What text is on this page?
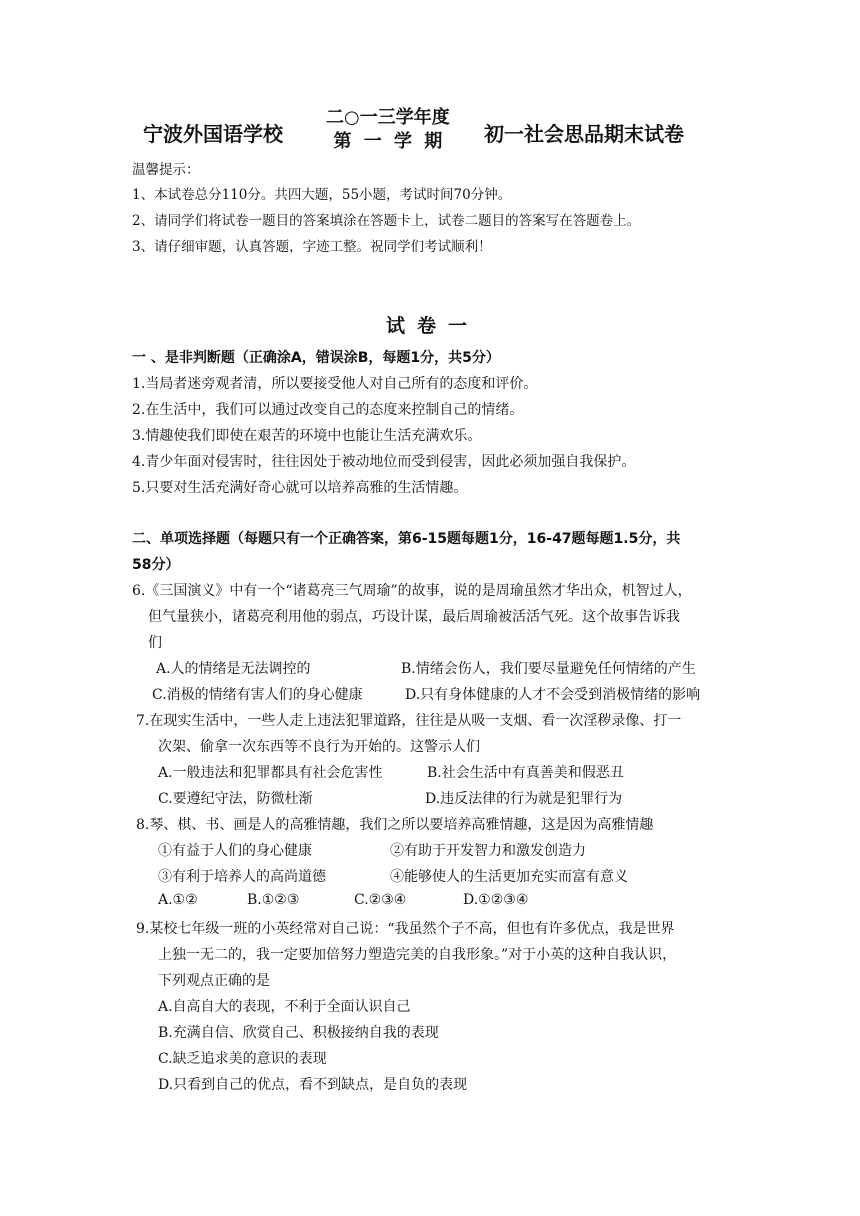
宁波外国语学校
二○一三学年度
第 一 学 期	初一社会思品期末试卷
温馨提示：
1、本试卷总分110分。共四大题，55小题，考试时间70分钟。
2、请同学们将试卷一题目的答案填涂在答题卡上，试卷二题目的答案写在答题卷上。
3、请仔细审题，认真答题，字迹工整。祝同学们考试顺利！
试卷一
一 、是非判断题（正确涂A，错误涂B，每题1分，共5分）
1.当局者迷旁观者清，所以要接受他人对自己所有的态度和评价。
2.在生活中，我们可以通过改变自己的态度来控制自己的情绪。
3.情趣使我们即使在艰苦的环境中也能让生活充满欢乐。
4.青少年面对侵害时，往往因处于被动地位而受到侵害，因此必须加强自我保护。
5.只要对生活充满好奇心就可以培养高雅的生活情趣。
二、单项选择题（每题只有一个正确答案，第6-15题每题1分，16-47题每题1.5分，共
58分）
6.《三国演义》中有一个“诸葛亮三气周瑜”的故事，说的是周瑜虽然才华出众，机智过人，
但气量狭小，诸葛亮利用他的弱点，巧设计谋，最后周瑜被活活气死。这个故事告诉我
们
A.人的情绪是无法调控的	B.情绪会伤人，我们要尽量避免任何情绪的产生
C.消极的情绪有害人们的身心健康	D.只有身体健康的人才不会受到消极情绪的影响
7.在现实生活中，一些人走上违法犯罪道路，往往是从吸一支烟、看一次淫秽录像、打一
次架、偷拿一次东西等不良行为开始的。这警示人们
A.一般违法和犯罪都具有社会危害性	B.社会生活中有真善美和假恶丑
C.要遵纪守法，防微杜渐	D.违反法律的行为就是犯罪行为
8.琴、棋、书、画是人的高雅情趣，我们之所以要培养高雅情趣，这是因为高雅情趣
①有益于人们的身心健康	②有助于开发智力和激发创造力
③有利于培养人的高尚道德	④能够使人的生活更加充实而富有意义
A.①②	B.①②③	C.②③④	D.①②③④
9.某校七年级一班的小英经常对自己说：“我虽然个子不高，但也有许多优点，我是世界
上独一无二的，我一定要加倍努力塑造完美的自我形象。”对于小英的这种自我认识，
下列观点正确的是
A.自高自大的表现，不利于全面认识自己
B.充满自信、欣赏自己、积极接纳自我的表现
C.缺乏追求美的意识的表现
D.只看到自己的优点，看不到缺点，是自负的表现
